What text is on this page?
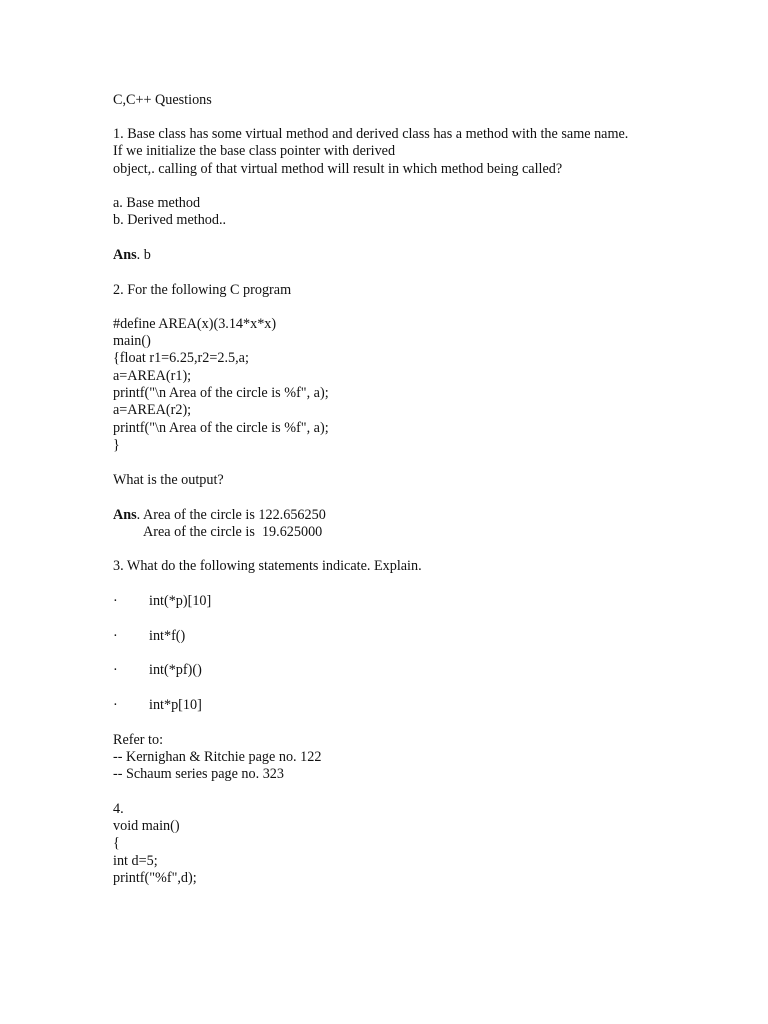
C,C++ Questions
1. Base class has some virtual method and derived class has a method with the same name.
If we initialize the base class pointer with derived
object,. calling of that virtual method will result in which method being called?
a. Base method
b. Derived method..
Ans. b
2. For the following C program
#define AREA(x)(3.14*x*x)
main()
{float r1=6.25,r2=2.5,a;
a=AREA(r1);
printf("\n Area of the circle is %f", a);
a=AREA(r2);
printf("\n Area of the circle is %f", a);
}
What is the output?
Ans. Area of the circle is 122.656250
Area of the circle is  19.625000
3. What do the following statements indicate. Explain.

·

int(*p)[10]

·

int*f()

·

int(*pf)()

·

int*p[10]

Refer to:
-- Kernighan & Ritchie page no. 122
-- Schaum series page no. 323
4.
void main()
{
int d=5;
printf("%f",d);
